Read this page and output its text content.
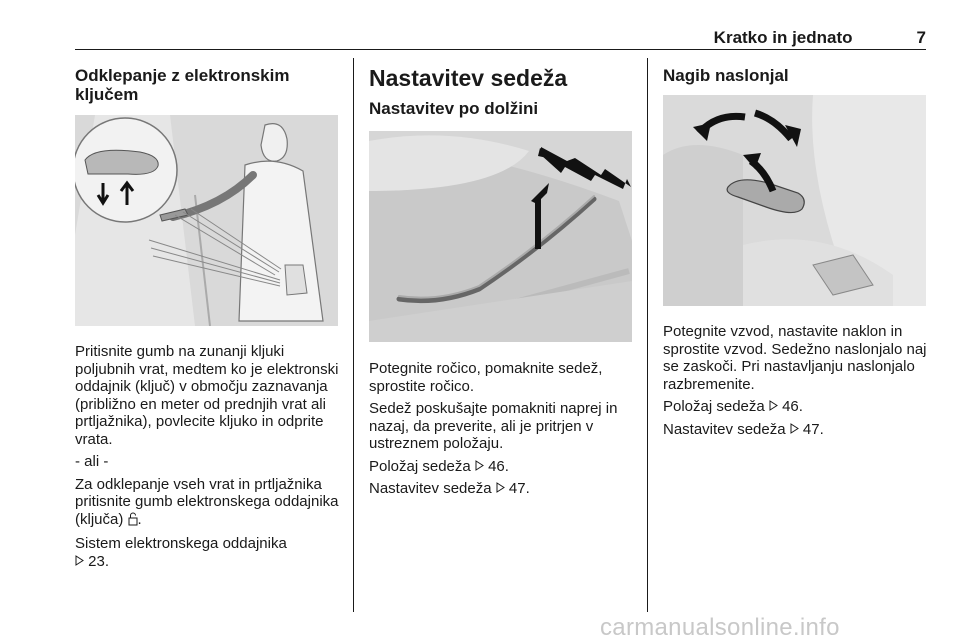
Kratko in jednato	7
Odklepanje z elektronskim ključem

Pritisnite gumb na zunanji kljuki poljubnih vrat, medtem ko je elektronski oddajnik (ključ) v območju zaznavanja (približno en meter od prednjih vrat ali prtljažnika), povlecite kljuko in odprite vrata.

- ali -

Za odklepanje vseh vrat in prtljažnika pritisnite gumb elektronskega oddajnika (ključa) .

Sistem elektronskega oddajnika
23.

Nastavitev sedeža
Nastavitev po dolžini

Potegnite ročico, pomaknite sedež, sprostite ročico.

Sedež poskušajte pomakniti naprej in nazaj, da preverite, ali je pritrjen v ustreznem položaju.

Položaj sedeža 46.

Nastavitev sedeža 47.

Nagib naslonjal

Potegnite vzvod, nastavite naklon in sprostite vzvod. Sedežno naslonjalo naj se zaskoči. Pri nastavljanju naslonjalo razbremenite.

Položaj sedeža 46.

Nastavitev sedeža 47.

carmanualsonline.info
